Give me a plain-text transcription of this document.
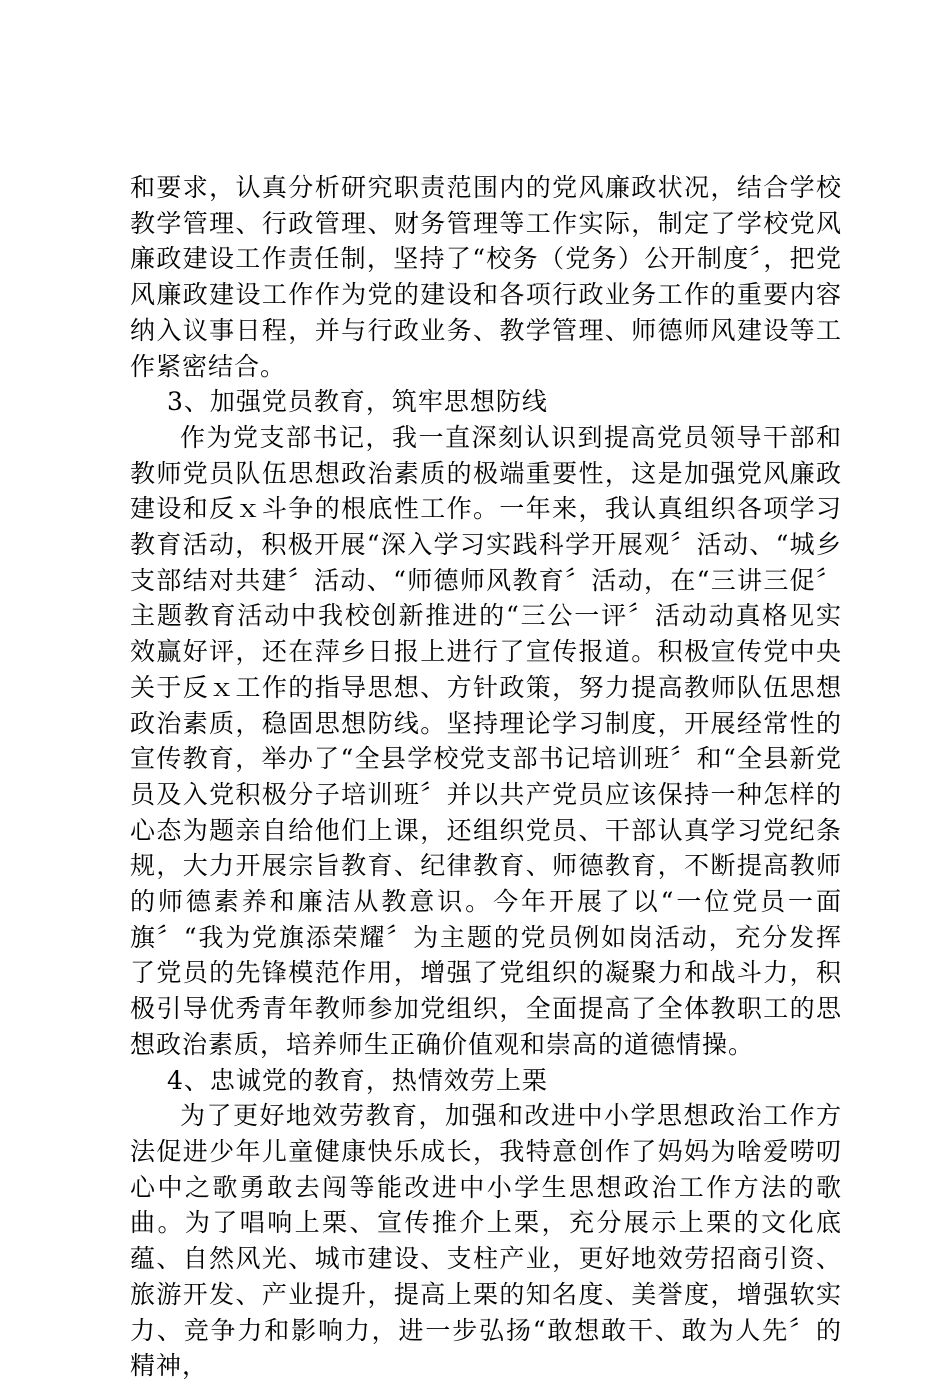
和要求，认真分析研究职责范围内的党风廉政状况，结合学校教学管理、行政管理、财务管理等工作实际，制定了学校党风廉政建设工作责任制，坚持了“校务（党务）公开制度〞，把党风廉政建设工作作为党的建设和各项行政业务工作的重要内容纳入议事日程，并与行政业务、教学管理、师德师风建设等工作紧密结合。

3、加强党员教育，筑牢思想防线

作为党支部书记，我一直深刻认识到提高党员领导干部和教师党员队伍思想政治素质的极端重要性，这是加强党风廉政建设和反ｘ斗争的根底性工作。一年来，我认真组织各项学习教育活动，积极开展“深入学习实践科学开展观〞活动、“城乡支部结对共建〞活动、“师德师风教育〞活动，在“三讲三促〞主题教育活动中我校创新推进的“三公一评〞活动动真格见实效赢好评，还在萍乡日报上进行了宣传报道。积极宣传党中央关于反ｘ工作的指导思想、方针政策，努力提高教师队伍思想政治素质，稳固思想防线。坚持理论学习制度，开展经常性的宣传教育，举办了“全县学校党支部书记培训班〞和“全县新党员及入党积极分子培训班〞并以共产党员应该保持一种怎样的心态为题亲自给他们上课，还组织党员、干部认真学习党纪条规，大力开展宗旨教育、纪律教育、师德教育，不断提高教师的师德素养和廉洁从教意识。今年开展了以“一位党员一面旗〞“我为党旗添荣耀〞为主题的党员例如岗活动，充分发挥了党员的先锋模范作用，增强了党组织的凝聚力和战斗力，积极引导优秀青年教师参加党组织，全面提高了全体教职工的思想政治素质，培养师生正确价值观和崇高的道德情操。

4、忠诚党的教育，热情效劳上栗

为了更好地效劳教育，加强和改进中小学思想政治工作方法促进少年儿童健康快乐成长，我特意创作了妈妈为啥爱唠叨心中之歌勇敢去闯等能改进中小学生思想政治工作方法的歌曲。为了唱响上栗、宣传推介上栗，充分展示上栗的文化底蕴、自然风光、城市建设、支柱产业，更好地效劳招商引资、旅游开发、产业提升，提高上栗的知名度、美誉度，增强软实力、竞争力和影响力，进一步弘扬“敢想敢干、敢为人先〞的精神，
